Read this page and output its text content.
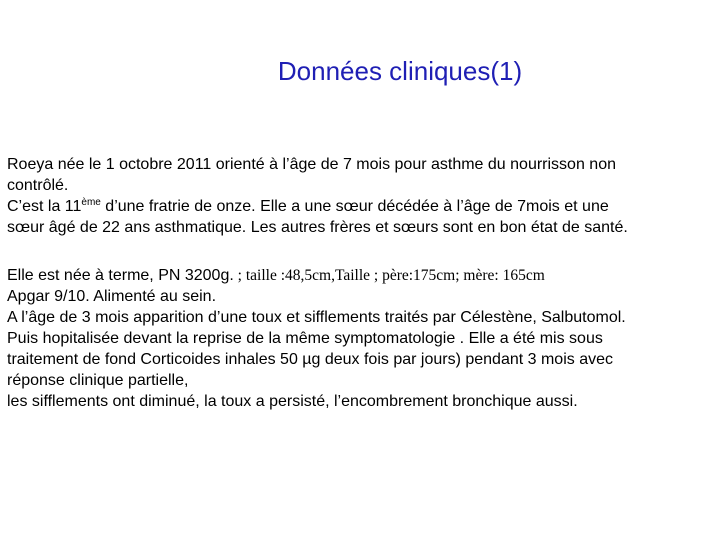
Données cliniques(1)
Roeya née le 1 octobre 2011 orienté à l’âge de 7 mois pour asthme du nourrisson non
contrôlé.
C’est la 11ème d’une fratrie de onze. Elle a une sœur décédée à l’âge de 7mois et une
sœur âgé de 22 ans asthmatique. Les autres frères et sœurs sont en bon état de santé.
Elle est née à terme, PN 3200g. ; taille :48,5cm,Taille ; père:175cm; mère: 165cm
Apgar 9/10. Alimenté au sein.
A l’âge de 3 mois apparition d’une toux et sifflements traités par Célestène, Salbutomol.
Puis hopitalisée devant la reprise de la même symptomatologie . Elle a été mis sous
traitement de fond Corticoides inhales 50 µg deux fois par jours) pendant 3 mois avec
réponse clinique partielle,
les sifflements ont diminué, la toux a persisté, l’encombrement bronchique aussi.
